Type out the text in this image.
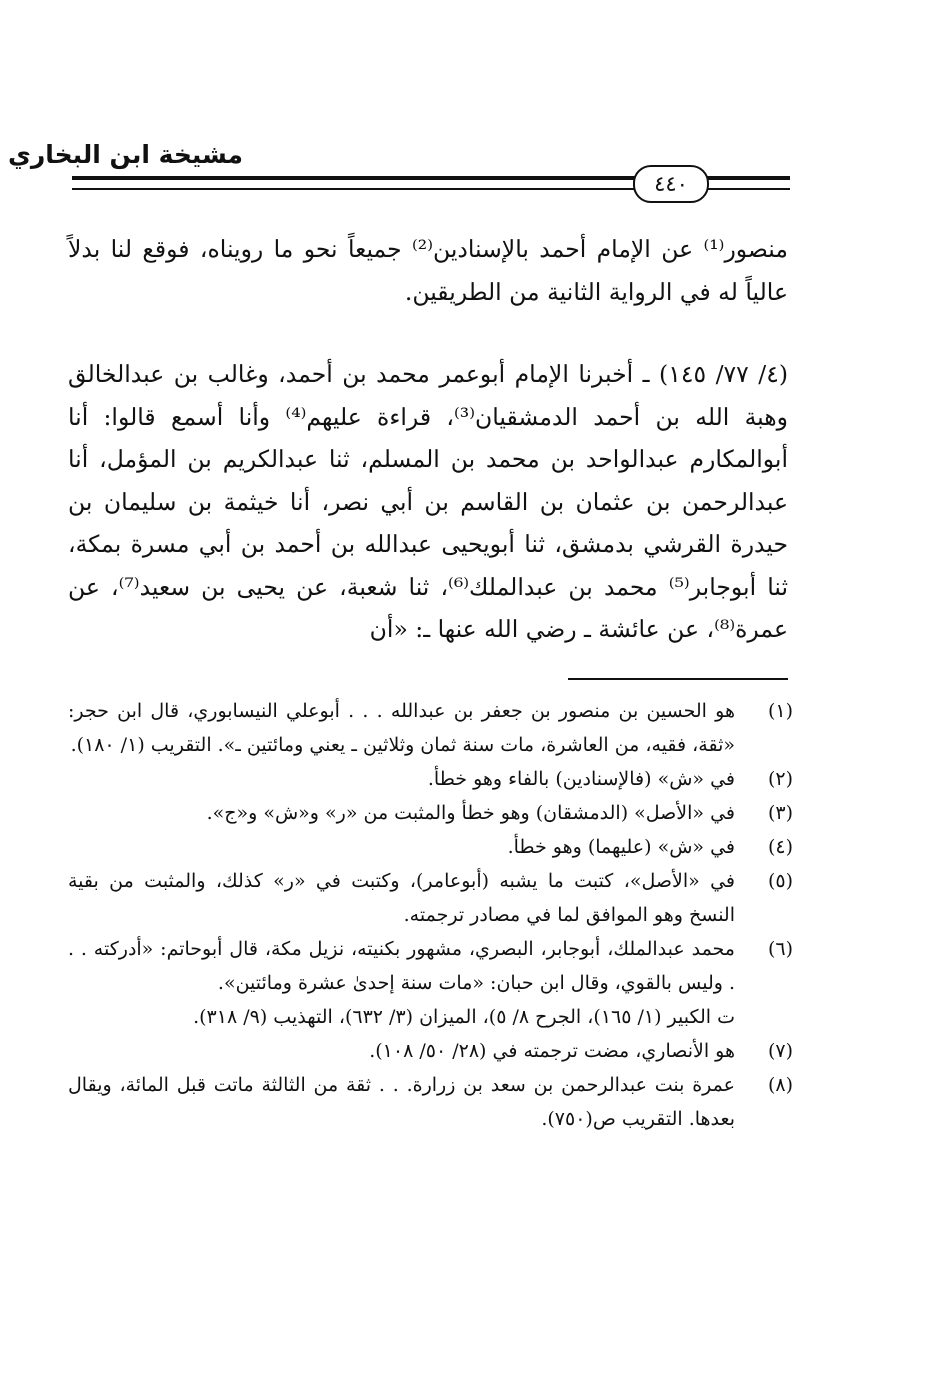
مشيخة ابن البخاري
٤٤٠

منصور⁽¹⁾ عن الإمام أحمد بالإسنادين⁽²⁾ جميعاً نحو ما رويناه، فوقع لنا بدلاً عالياً له في الرواية الثانية من الطريقين.

(٤/ ٧٧/ ١٤٥) ـ أخبرنا الإمام أبوعمر محمد بن أحمد، وغالب بن عبدالخالق وهبة الله بن أحمد الدمشقيان⁽³⁾، قراءة عليهم⁽⁴⁾ وأنا أسمع قالوا: أنا أبوالمكارم عبدالواحد بن محمد بن المسلم، ثنا عبدالكريم بن المؤمل، أنا عبدالرحمن بن عثمان بن القاسم بن أبي نصر، أنا خيثمة بن سليمان بن حيدرة القرشي بدمشق، ثنا أبويحيى عبدالله بن أحمد بن أبي مسرة بمكة، ثنا أبوجابر⁽⁵⁾ محمد بن عبدالملك⁽⁶⁾، ثنا شعبة، عن يحيى بن سعيد⁽⁷⁾، عن عمرة⁽⁸⁾، عن عائشة ـ رضي الله عنها ـ: «أن

(١)
هو الحسين بن منصور بن جعفر بن عبدالله . . . أبوعلي النيسابوري، قال ابن حجر: «ثقة، فقيه، من العاشرة، مات سنة ثمان وثلاثين ـ يعني ومائتين ـ». التقريب (١/ ١٨٠).
(٢)
في «ش» (فالإسنادين) بالفاء وهو خطأ.
(٣)
في «الأصل» (الدمشقان) وهو خطأ والمثبت من «ر» و«ش» و«ج».
(٤)
في «ش» (عليهما) وهو خطأ.
(٥)
في «الأصل»، كتبت ما يشبه (أبوعامر)، وكتبت في «ر» كذلك، والمثبت من بقية النسخ وهو الموافق لما في مصادر ترجمته.
(٦)
محمد عبدالملك، أبوجابر، البصري، مشهور بكنيته، نزيل مكة، قال أبوحاتم: «أدركته . . . وليس بالقوي، وقال ابن حبان: «مات سنة إحدىٰ عشرة ومائتين».
ت الكبير (١/ ١٦٥)، الجرح ٨/ ٥)، الميزان (٣/ ٦٣٢)، التهذيب (٩/ ٣١٨).
(٧)
هو الأنصاري، مضت ترجمته في (٢٨/ ٥٠/ ١٠٨).
(٨)
عمرة بنت عبدالرحمن بن سعد بن زرارة. . . ثقة من الثالثة ماتت قبل المائة، ويقال بعدها. التقريب ص(٧٥٠).
